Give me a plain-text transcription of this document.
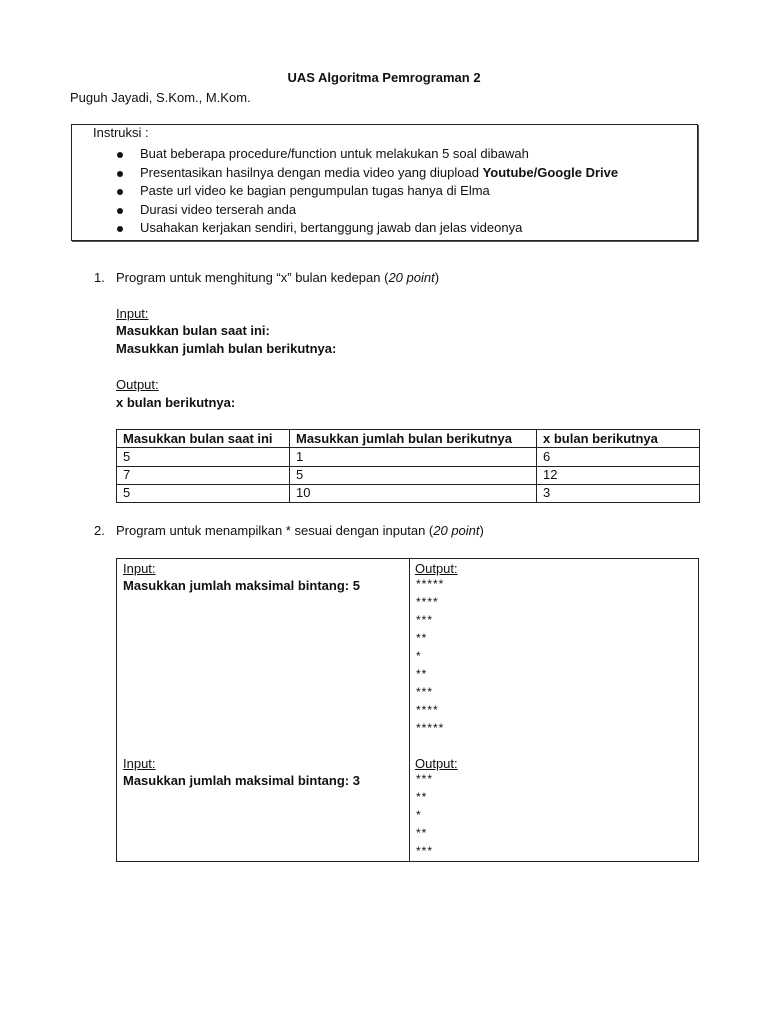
UAS Algoritma Pemrograman 2
Puguh Jayadi, S.Kom., M.Kom.
Instruksi :
Buat beberapa procedure/function untuk melakukan 5 soal dibawah
Presentasikan hasilnya dengan media video yang diupload Youtube/Google Drive
Paste url video ke bagian pengumpulan tugas hanya di Elma
Durasi video terserah anda
Usahakan kerjakan sendiri, bertanggung jawab dan jelas videonya
1. Program untuk menghitung “x” bulan kedepan (20 point)
Input:
Masukkan bulan saat ini:
Masukkan jumlah bulan berikutnya:
Output:
x bulan berikutnya:
Masukkan bulan saat ini	Masukkan jumlah bulan berikutnya	x bulan berikutnya
5	1	6
7	5	12
5	10	3
2. Program untuk menampilkan * sesuai dengan inputan (20 point)
Input:
Masukkan jumlah maksimal bintang: 5
Output:
*****
****
***
**
*
**
***
****
*****
Input:
Masukkan jumlah maksimal bintang: 3
Output:
***
**
*
**
***
